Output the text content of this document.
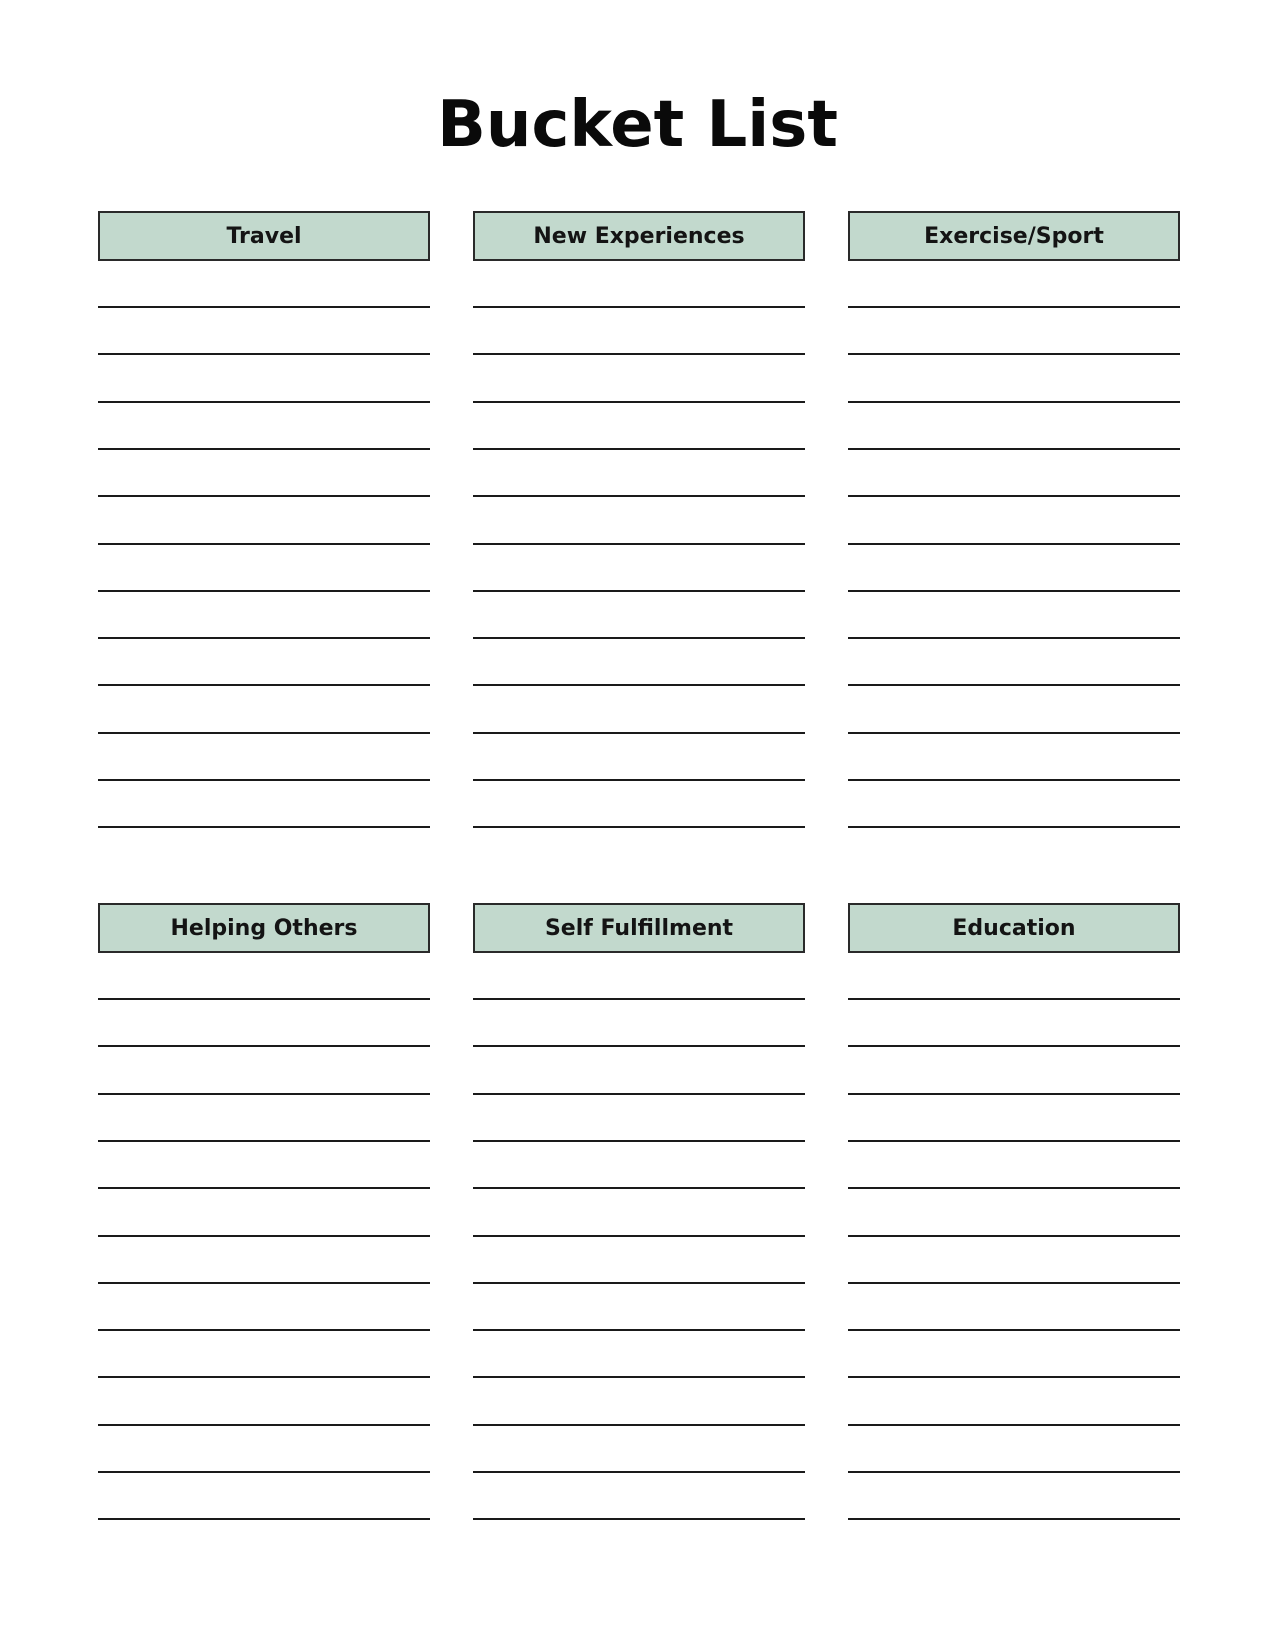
Bucket List
Travel	New Experiences	Exercise/Sport
Helping Others	Self Fulfillment	Education
